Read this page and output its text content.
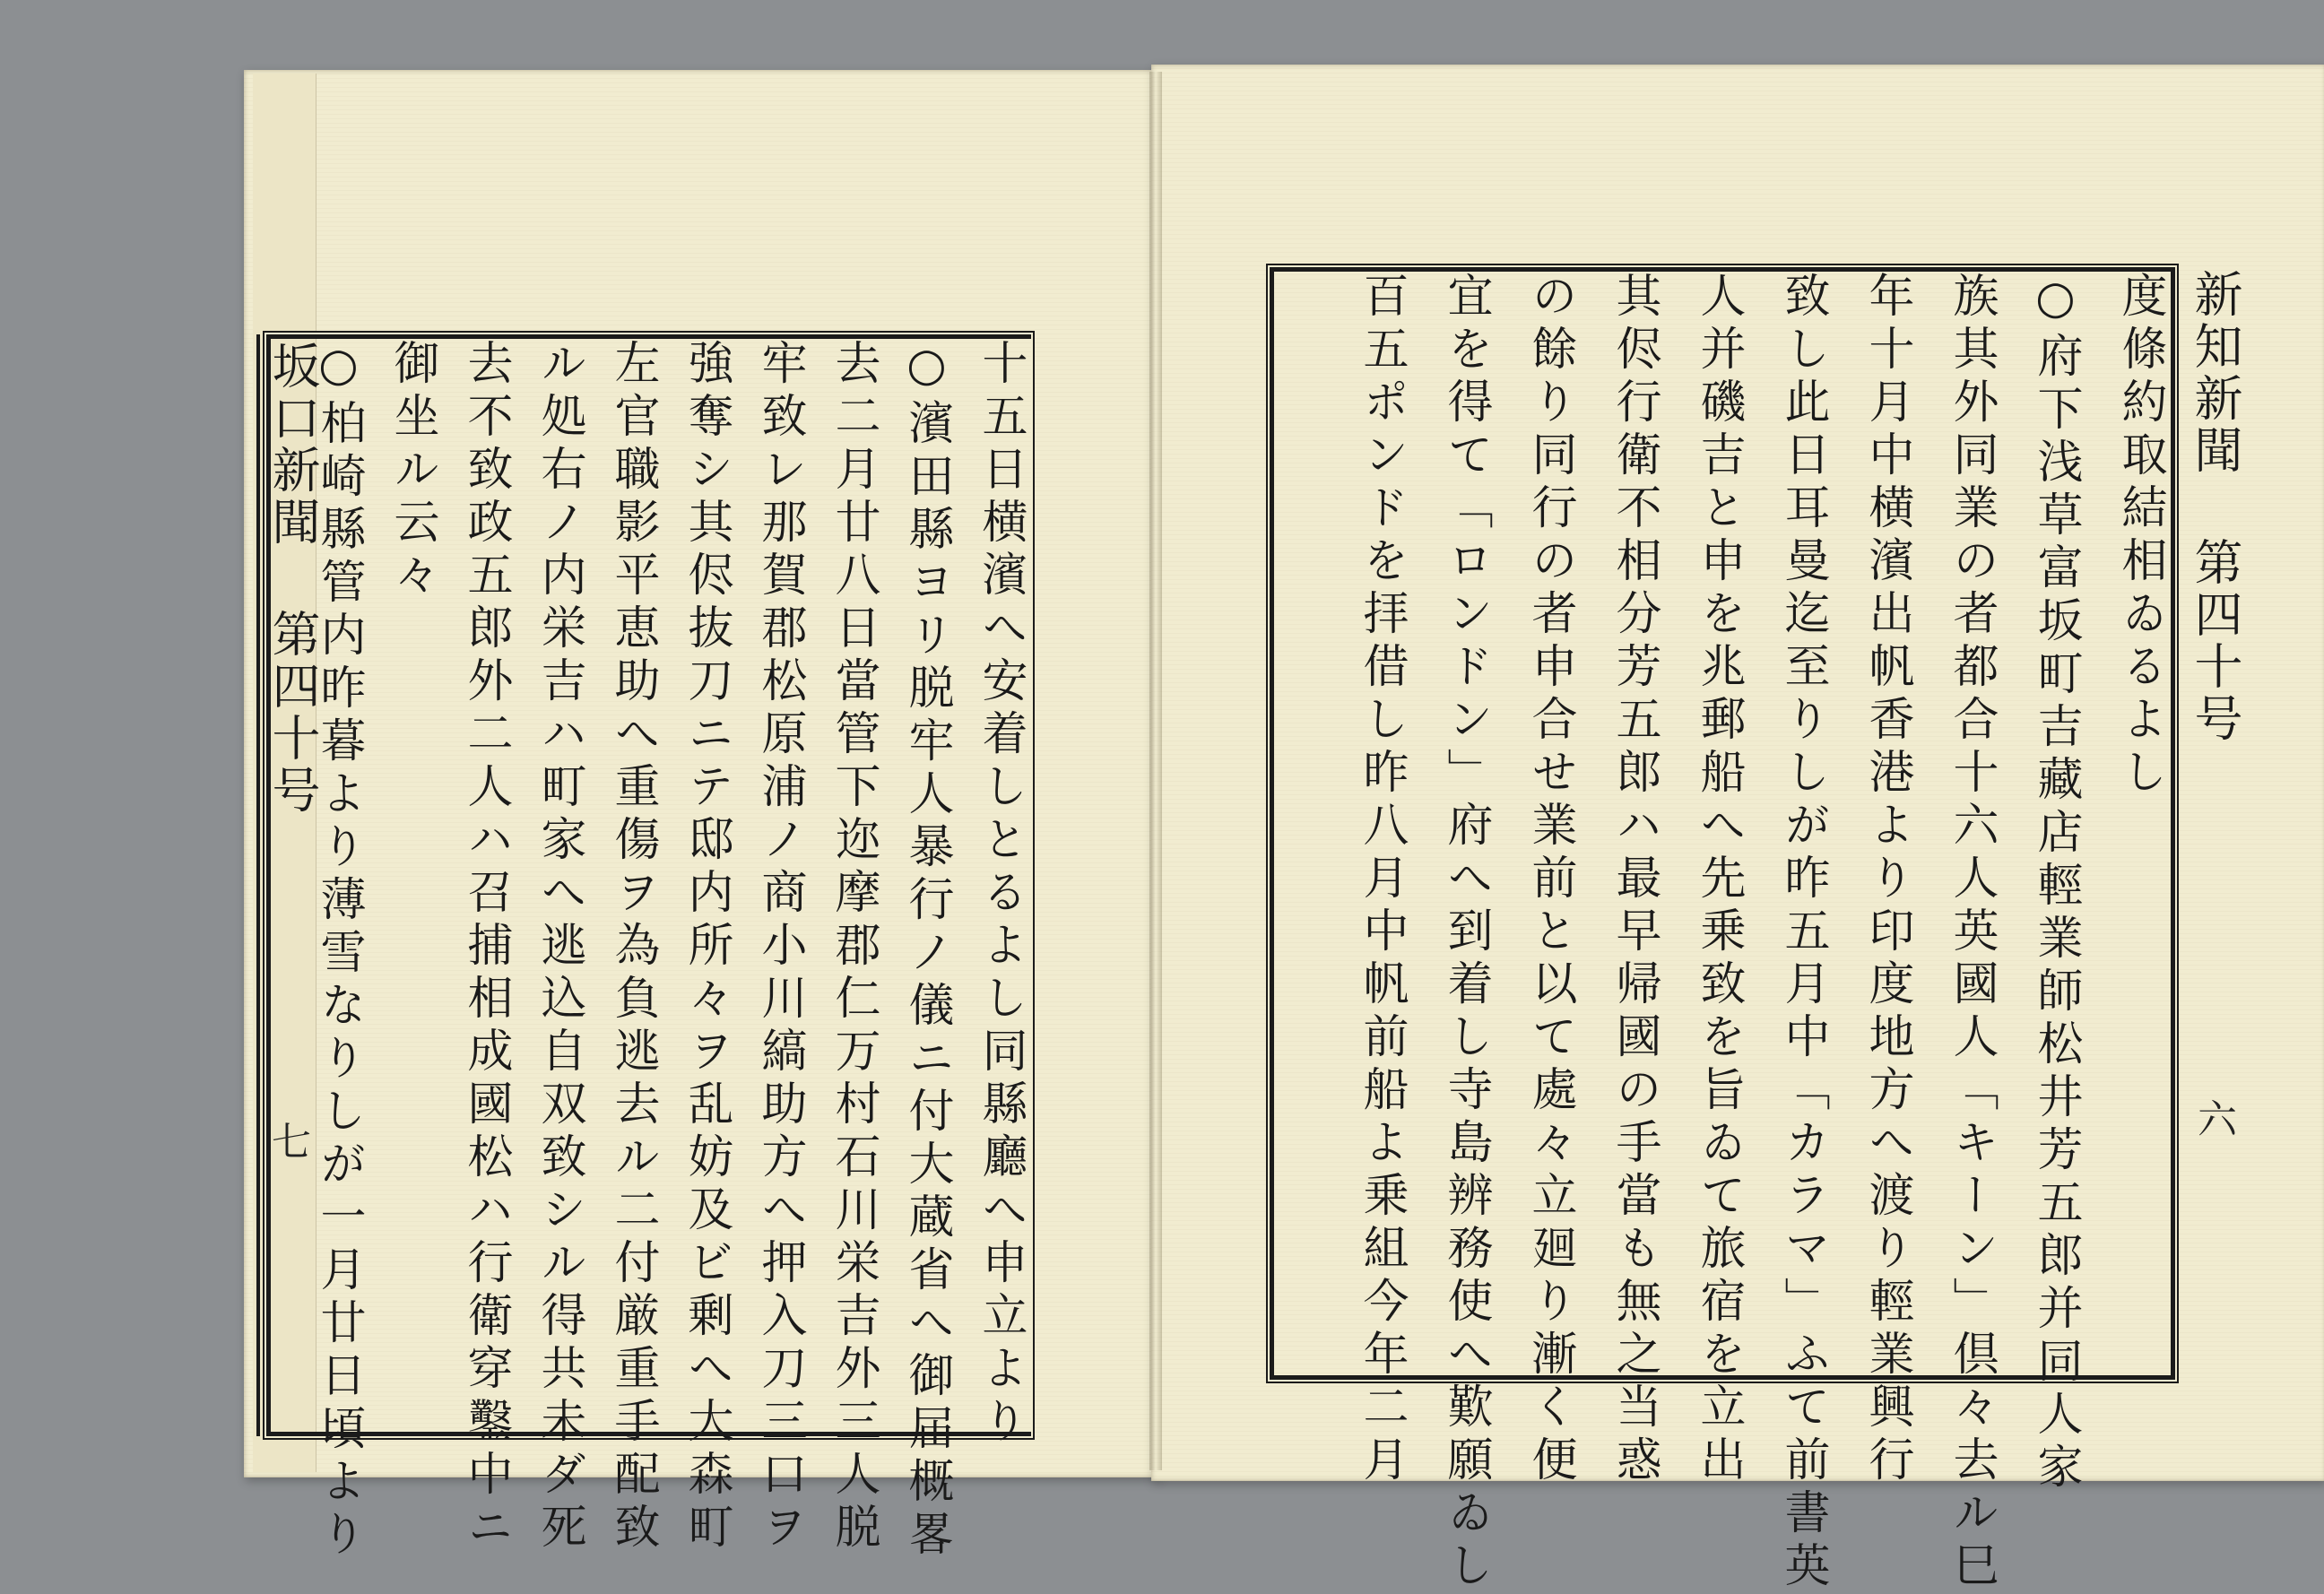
十五日横濱へ安着しとるよし同縣廳へ申立より
○濱田縣ヨリ脱牢人暴行ノ儀ニ付大蔵省へ御届概畧
去二月廿八日當管下迩摩郡仁万村石川栄吉外三人脱
牢致レ那賀郡松原浦ノ商小川縞助方へ押入刀三口ヲ
強奪シ其侭抜刀ニテ邸内所々ヲ乱妨及ビ剰へ大森町
左官職影平恵助へ重傷ヲ為負逃去ル二付厳重手配致
ル処右ノ内栄吉ハ町家へ逃込自双致シル得共未ダ死
去不致政五郎外二人ハ召捕相成國松ハ行衛穿鑿中ニ
御坐ル云々
○柏崎縣管内昨暮より薄雪なりしが一月廿日頃より
坂口新聞 第四十号
七
度條約取結相ゐるよし
○府下浅草富坂町吉藏店輕業師松井芳五郎并同人家
族其外同業の者都合十六人英國人「キーン」倶々去ル巳
年十月中横濱出帆香港より印度地方へ渡り輕業興行
致し此日耳曼迄至りしが昨五月中「カラマ」ふて前書英
人并磯吉と申を兆郵船へ先乗致を旨ゐて旅宿を立出
其侭行衛不相分芳五郎ハ最早帰國の手當も無之当惑
の餘り同行の者申合せ業前と以て處々立廻り漸く便
宜を得て「ロンドン」府へ到着し寺島辨務使へ歎願ゐし
百五ポンドを拝借し昨八月中帆前船よ乗組今年二月	新知新聞 第四十号
六
